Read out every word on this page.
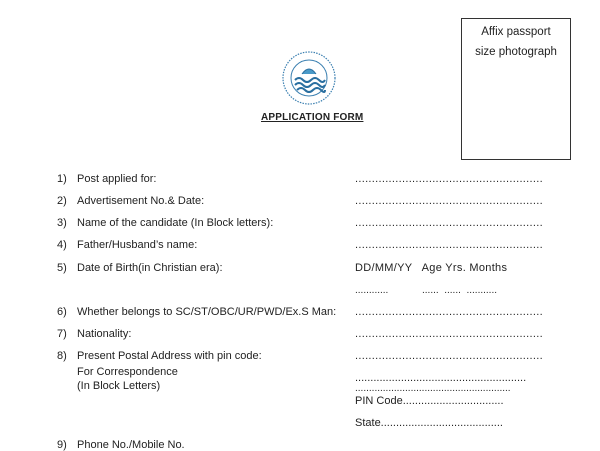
Affix passport
size photograph
APPLICATION FORM
1) Post applied for:	........................................................
2) Advertisement No.& Date:	........................................................
3) Name of the candidate (In Block letters):	........................................................
4) Father/Husband’s name:	........................................................
5) Date of Birth(in Christian era):	DD/MM/YY   Age Yrs. Months
............	......  ......  ...........
6) Whether belongs to SC/ST/OBC/UR/PWD/Ex.S Man: ........................................................
7) Nationality:	........................................................
8) Present Postal Address with pin code:	........................................................
For Correspondence
(In Block Letters)
........................................................
........................................................
PIN Code.................................
State........................................
9) Phone No./Mobile No.
